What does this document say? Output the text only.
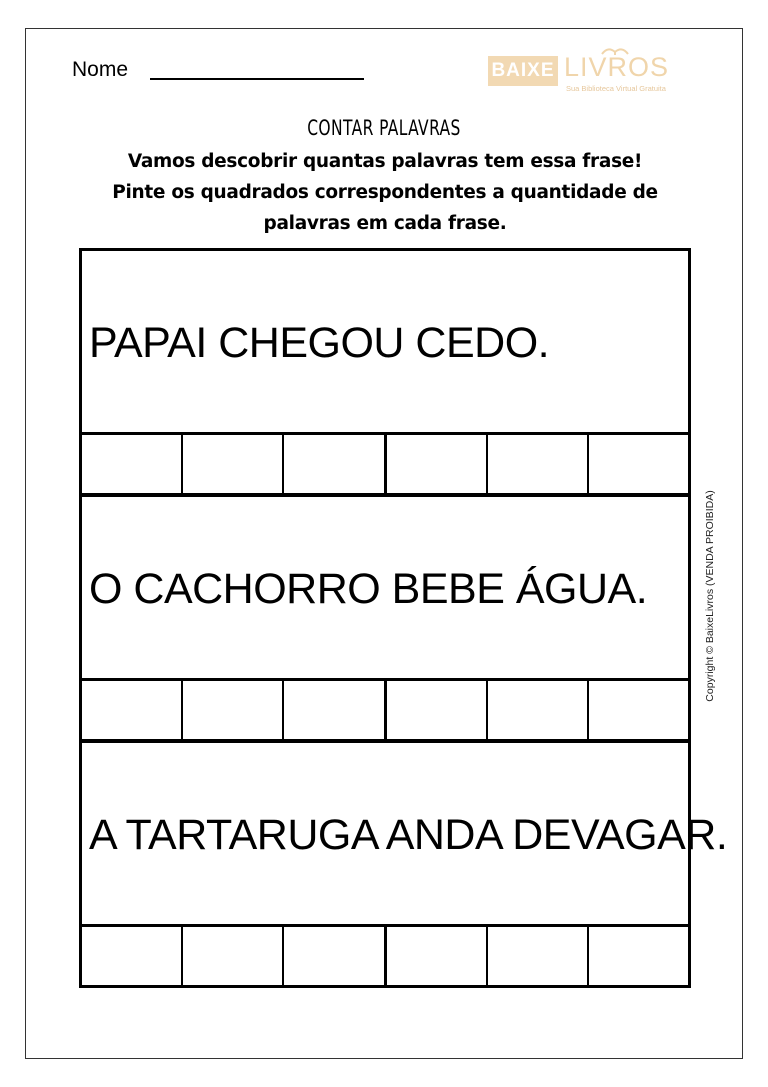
Nome	BAIXE LIVROS
Sua Biblioteca Virtual Gratuita
CONTAR PALAVRAS
Vamos descobrir quantas palavras tem essa frase!
Pinte os quadrados correspondentes a quantidade de
palavras em cada frase.
PAPAI CHEGOU CEDO.
O CACHORRO BEBE ÁGUA.
A TARTARUGA ANDA DEVAGAR.
Copyright © BaixeLivros (VENDA PROIBIDA)
